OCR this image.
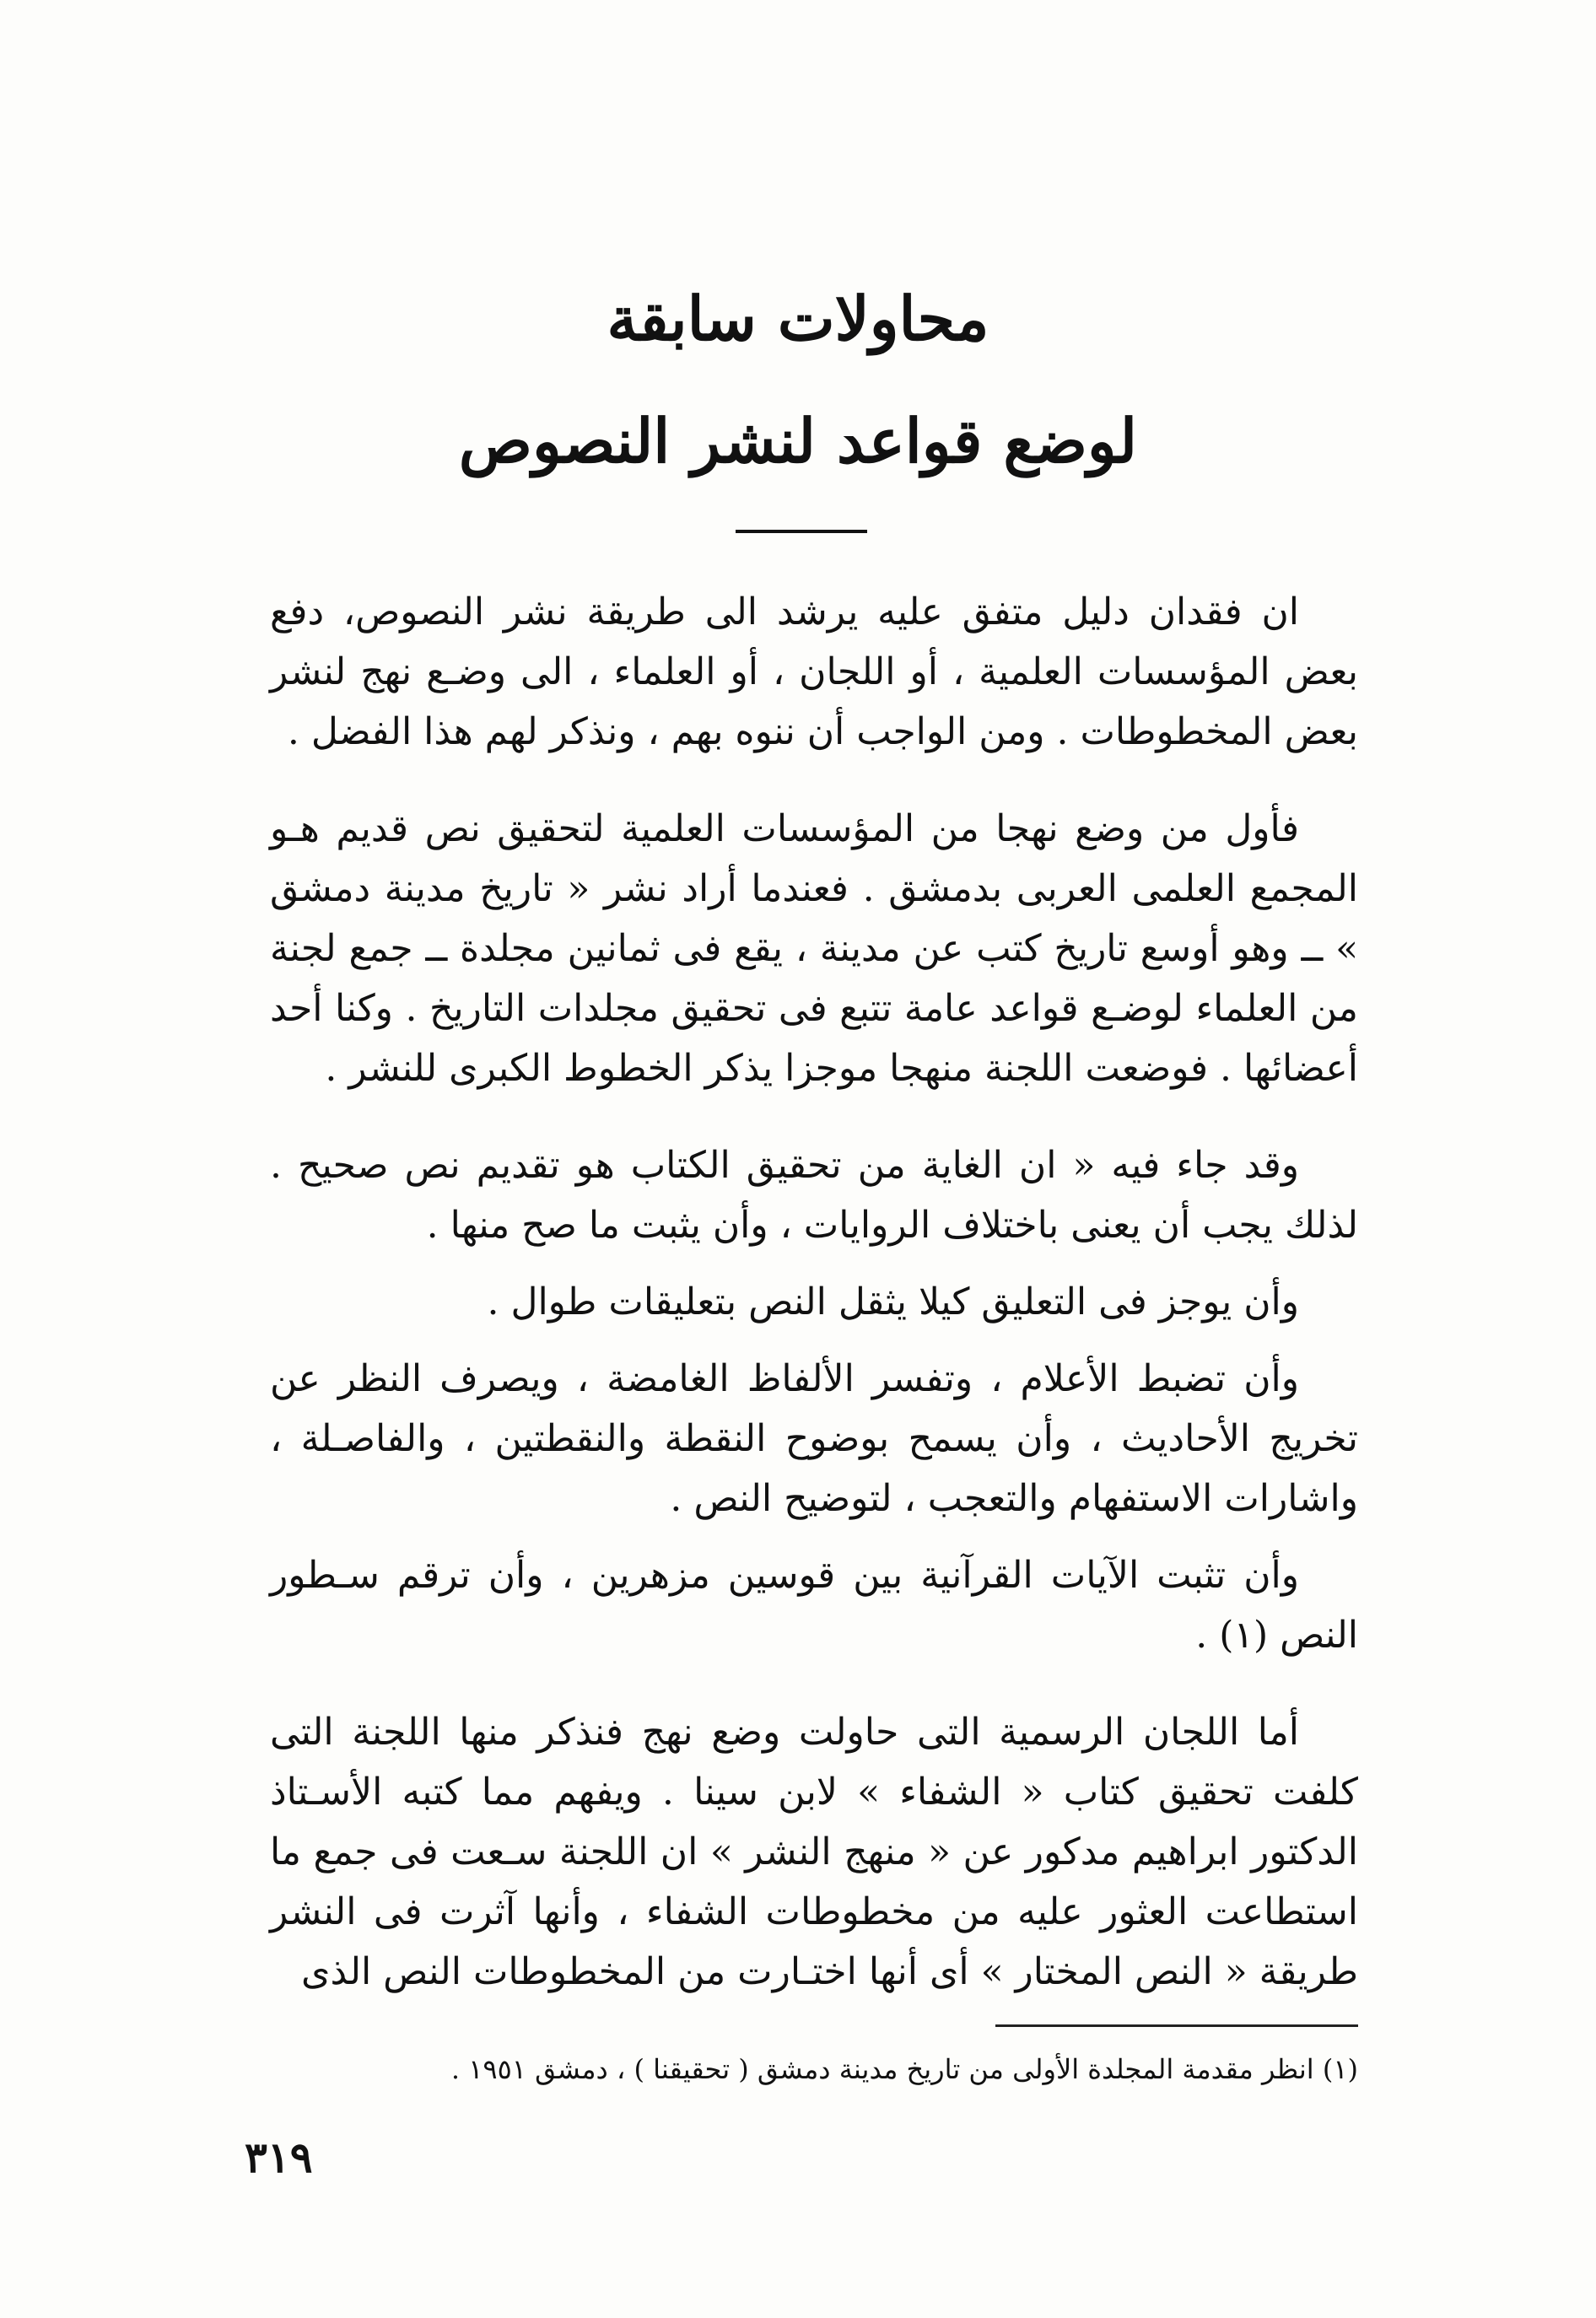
محاولات سابقة
لوضع قواعد لنشر النصوص

ان فقدان دليل متفق عليه يرشد الى طريقة نشر النصوص، دفع بعض المؤسسات العلمية ، أو اللجان ، أو العلماء ، الى وضـع نهج لنشر بعض المخطوطات . ومن الواجب أن ننوه بهم ، ونذكر لهم هذا الفضل .

فأول من وضع نهجا من المؤسسات العلمية لتحقيق نص قديم هـو المجمع العلمى العربى بدمشق . فعندما أراد نشر « تاريخ مدينة دمشق » ــ وهو أوسع تاريخ كتب عن مدينة ، يقع فى ثمانين مجلدة ــ جمع لجنة من العلماء لوضـع قواعد عامة تتبع فى تحقيق مجلدات التاريخ . وكنا أحد أعضائها . فوضعت اللجنة منهجا موجزا يذكر الخطوط الكبرى للنشر .

وقد جاء فيه « ان الغاية من تحقيق الكتاب هو تقديم نص صحيح . لذلك يجب أن يعنى باختلاف الروايات ، وأن يثبت ما صح منها .

وأن يوجز فى التعليق كيلا يثقل النص بتعليقات طوال .

وأن تضبط الأعلام ، وتفسر الألفاظ الغامضة ، ويصرف النظر عن تخريج الأحاديث ، وأن يسمح بوضوح النقطة والنقطتين ، والفاصـلة ، واشارات الاستفهام والتعجب ، لتوضيح النص .

وأن تثبت الآيات القرآنية بين قوسين مزهرين ، وأن ترقم سـطور النص (١) .

أما اللجان الرسمية التى حاولت وضع نهج فنذكر منها اللجنة التى كلفت تحقيق كتاب « الشفاء » لابن سينا . ويفهم مما كتبه الأسـتاذ الدكتور ابراهيم مدكور عن « منهج النشر » ان اللجنة سـعت فى جمع ما استطاعت العثور عليه من مخطوطات الشفاء ، وأنها آثرت فى النشر طريقة « النص المختار » أى أنها اختـارت من المخطوطات النص الذى

(١) انظر مقدمة المجلدة الأولى من تاريخ مدينة دمشق ( تحقيقنا ) ، دمشق ١٩٥١ .
٣١٩
